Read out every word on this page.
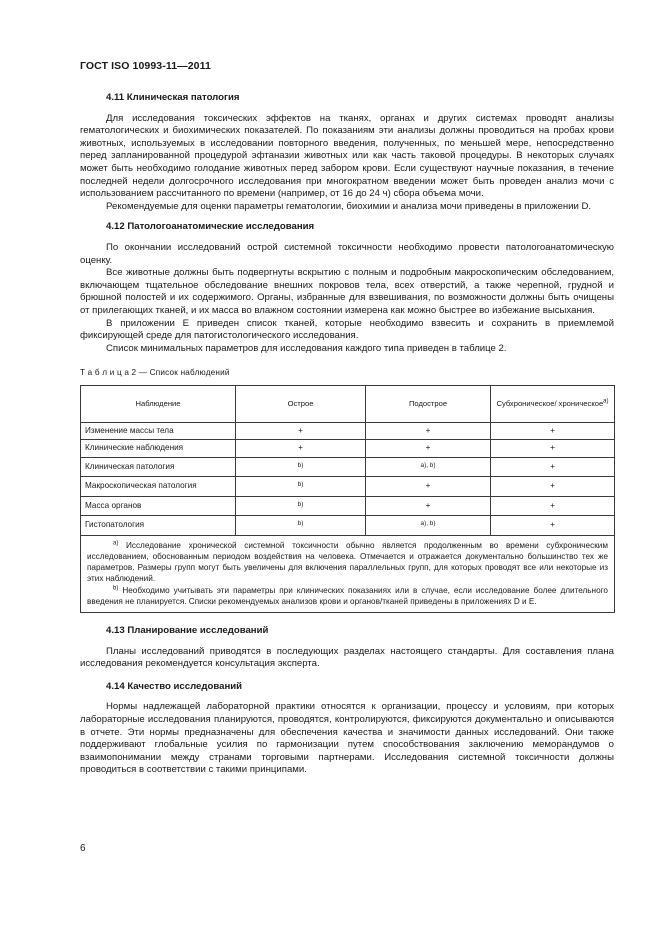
ГОСТ ISO 10993-11—2011
4.11 Клиническая патология

Для исследования токсических эффектов на тканях, органах и других системах проводят анализы гематологических и биохимических показателей. По показаниям эти анализы должны проводиться на пробах крови животных, используемых в исследовании повторного введения, полученных, по меньшей мере, непосредственно перед запланированной процедурой эфтаназии животных или как часть таковой процедуры. В некоторых случаях может быть необходимо голодание животных перед забором крови. Если существуют научные показания, в течение последней недели долгосрочного исследования при многократном введении может быть проведен анализ мочи с использованием рассчитанного по времени (например, от 16 до 24 ч) сбора объема мочи.

Рекомендуемые для оценки параметры гематологии, биохимии и анализа мочи приведены в приложении D.

4.12 Патологоанатомические исследования

По окончании исследований острой системной токсичности необходимо провести патологоанатомическую оценку.

Все животные должны быть подвергнуты вскрытию с полным и подробным макроскопическим обследованием, включающем тщательное обследование внешних покровов тела, всех отверстий, а также черепной, грудной и брюшной полостей и их содержимого. Органы, избранные для взвешивания, по возможности должны быть очищены от прилегающих тканей, и их масса во влажном состоянии измерена как можно быстрее во избежание высыхания.

В приложении Е приведен список тканей, которые необходимо взвесить и сохранить в приемлемой фиксирующей среде для патогистологического исследования.

Список минимальных параметров для исследования каждого типа приведен в таблице 2.

Т а б л и ц а 2 — Список наблюдений
Наблюдение	Острое	Подострое	Субхроническое/ хроническое$^{a)}$
Изменение массы тела	+	+	+
Клинические наблюдения	+	+	+
Клиническая патология	b)	a), b)	+
Макроскопическая патология	b)	+	+
Масса органов	b)	+	+
Гистопатология	b)	a), b)	+

$^{a)}$ Исследование хронической системной токсичности обычно является продолженным во времени субхроническим исследованием, обоснованным периодом воздействия на человека. Отмечается и отражается документально большинство тех же параметров. Размеры групп могут быть увеличены для включения параллельных групп, для которых проводят все или некоторые из этих наблюдений.

$^{b)}$ Необходимо учитывать эти параметры при клинических показаниях или в случае, если исследование более длительного введения не планируется. Списки рекомендуемых анализов крови и органов/тканей приведены в приложениях D и Е.			

4.13 Планирование исследований

Планы исследований приводятся в последующих разделах настоящего стандарты. Для составления плана исследования рекомендуется консультация эксперта.

4.14 Качество исследований

Нормы надлежащей лабораторной практики относятся к организации, процессу и условиям, при которых лабораторные исследования планируются, проводятся, контролируются, фиксируются документально и описываются в отчете. Эти нормы предназначены для обеспечения качества и значимости данных исследований. Они также поддерживают глобальные усилия по гармонизации путем способствования заключению меморандумов о взаимопонимании между странами торговыми партнерами. Исследования системной токсичности должны проводиться в соответствии с такими принципами.

6
